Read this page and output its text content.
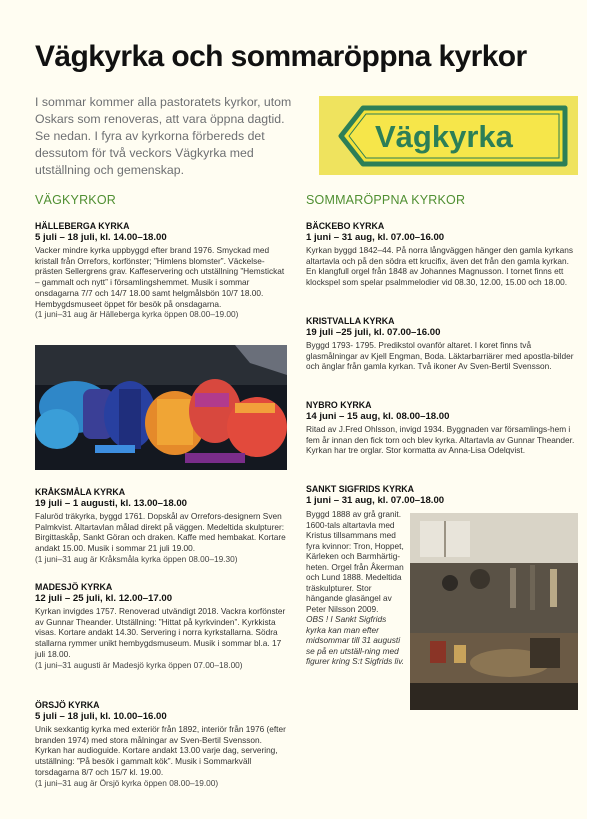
Vägkyrka och sommaröppna kyrkor

I sommar kommer alla pastoratets kyrkor, utom Oskars som renoveras, att vara öppna dagtid. Se nedan. I fyra av kyrkorna förbereds det dessutom för två veckors Vägkyrka med utställning och gemenskap.

Vägkyrka
VÄGKYRKOR	SOMMARÖPPNA KYRKOR

HÄLLEBERGA KYRKA

5 juli – 18 juli, kl. 14.00–18.00

Vacker mindre kyrka uppbyggd efter brand 1976. Smyckad med kristall från Orrefors, korfönster; ”Himlens blomster”. Väckelse-prästen Sellergrens grav. Kaffeservering och utställning ”Hemstickat – gammalt och nytt” i församlingshemmet. Musik i sommar onsdagarna 7/7 och 14/7 18.00 samt helgmålsbön 10/7 18.00. Hembygdsmuseet öppet för besök på onsdagarna.

(1 juni–31 aug är Hälleberga kyrka öppen 08.00–19.00)

KRÅKSMÅLA KYRKA

19 juli – 1 augusti, kl. 13.00–18.00

Faluröd träkyrka, byggd 1761. Dopskål av Orrefors-designern Sven Palmkvist. Altartavlan målad direkt på väggen. Medeltida skulpturer: Birgittaskåp, Sankt Göran och draken. Kaffe med hembakat. Kortare andakt 15.00. Musik i sommar 21 juli 19.00.

(1 juni–31 aug är Kråksmåla kyrka öppen 08.00–19.30)

MADESJÖ KYRKA

12 juli – 25 juli, kl. 12.00–17.00

Kyrkan invigdes 1757. Renoverad utvändigt 2018. Vackra korfönster av Gunnar Theander. Utställning: ”Hittat på kyrkvinden”. Kyrkkista visas. Kortare andakt 14.30. Servering i norra kyrkstallarna. Södra stallarna rymmer unikt hembygdsmuseum. Musik i sommar bl.a. 17 juli 18.00.

(1 juni–31 augusti är Madesjö kyrka öppen 07.00–18.00)

ÖRSJÖ KYRKA

5 juli – 18 juli, kl. 10.00–16.00

Unik sexkantig kyrka med exteriör från 1892, interiör från 1976 (efter branden 1974) med stora målningar av Sven-Bertil Svensson. Kyrkan har audioguide. Kortare andakt 13.00 varje dag, servering, utställning: ”På besök i gammalt kök”. Musik i Sommarkväll torsdagarna 8/7 och 15/7 kl. 19.00.

(1 juni–31 aug är Örsjö kyrka öppen 08.00–19.00)

BÄCKEBO KYRKA

1 juni – 31 aug, kl. 07.00–16.00

Kyrkan byggd 1842–44. På norra långväggen hänger den gamla kyrkans altartavla och på den södra ett krucifix, även det från den gamla kyrkan. En klangfull orgel från 1848 av Johannes Magnusson. I tornet finns ett klockspel som spelar psalmmelodier vid 08.30, 12.00, 15.00 och 18.00.

KRISTVALLA KYRKA

19 juli –25 juli, kl. 07.00–16.00

Byggd 1793- 1795. Predikstol ovanför altaret. I koret finns två glasmålningar av Kjell Engman, Boda. Läktarbarriärer med apostla-bilder och änglar från gamla kyrkan. Två ikoner Av Sven-Bertil Svensson.

NYBRO KYRKA

14 juni – 15 aug, kl. 08.00–18.00

Ritad av J.Fred Ohlsson, invigd 1934. Byggnaden var församlings-hem i fem år innan den fick torn och blev kyrka. Altartavla av Gunnar Theander. Kyrkan har tre orglar. Stor kormatta av Anna-Lisa Odelqvist.

SANKT SIGFRIDS KYRKA

1 juni – 31 aug, kl. 07.00–18.00

Byggd 1888 av grå granit. 1600-tals altartavla med Kristus tillsammans med fyra kvinnor: Tron, Hoppet, Kärleken och Barmhärtig-heten. Orgel från Åkerman och Lund 1888. Medeltida träskulpturer. Stor hängande glasängel av Peter Nilsson 2009.

OBS ! I Sankt Sigfrids kyrka kan man efter midsommar till 31 augusti se på en utställ-ning med figurer kring S:t Sigfrids liv.
